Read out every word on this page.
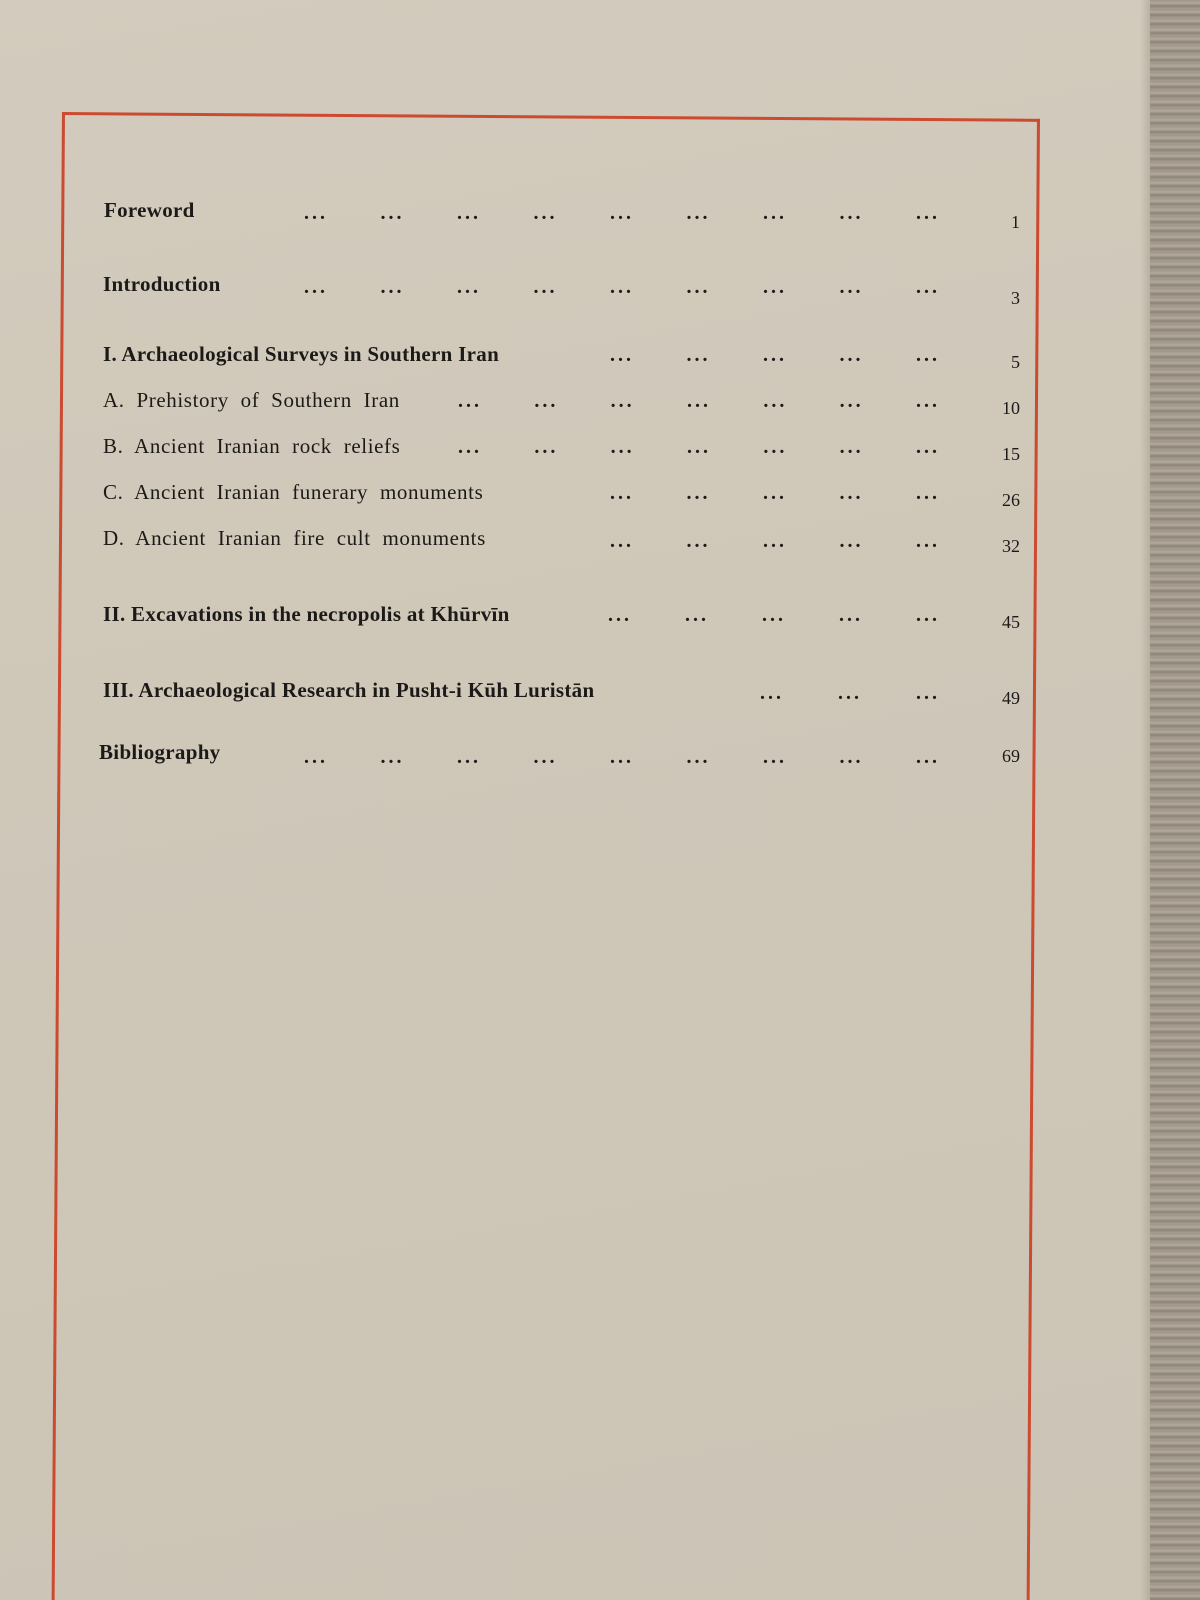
Foreword	...	...	...	...	...	...	...	...	...	1
Introduction	...	...	...	...	...	...	...	...	...	3
I. Archaeological Surveys in Southern Iran	...	...	...	...	...	5
A. Prehistory of Southern Iran	...	...	...	...	...	...	...	10
B. Ancient Iranian rock reliefs	...	...	...	...	...	...	...	15
C. Ancient Iranian funerary monuments	...	...	...	...	...	26
D. Ancient Iranian fire cult monuments	...	...	...	...	...	32
II. Excavations in the necropolis at Khūrvīn	...	...	...	...	...	45
III. Archaeological Research in Pusht-i Kūh Luristān	...	...	...	49
Bibliography	...	...	...	...	...	...	...	...	...	69
